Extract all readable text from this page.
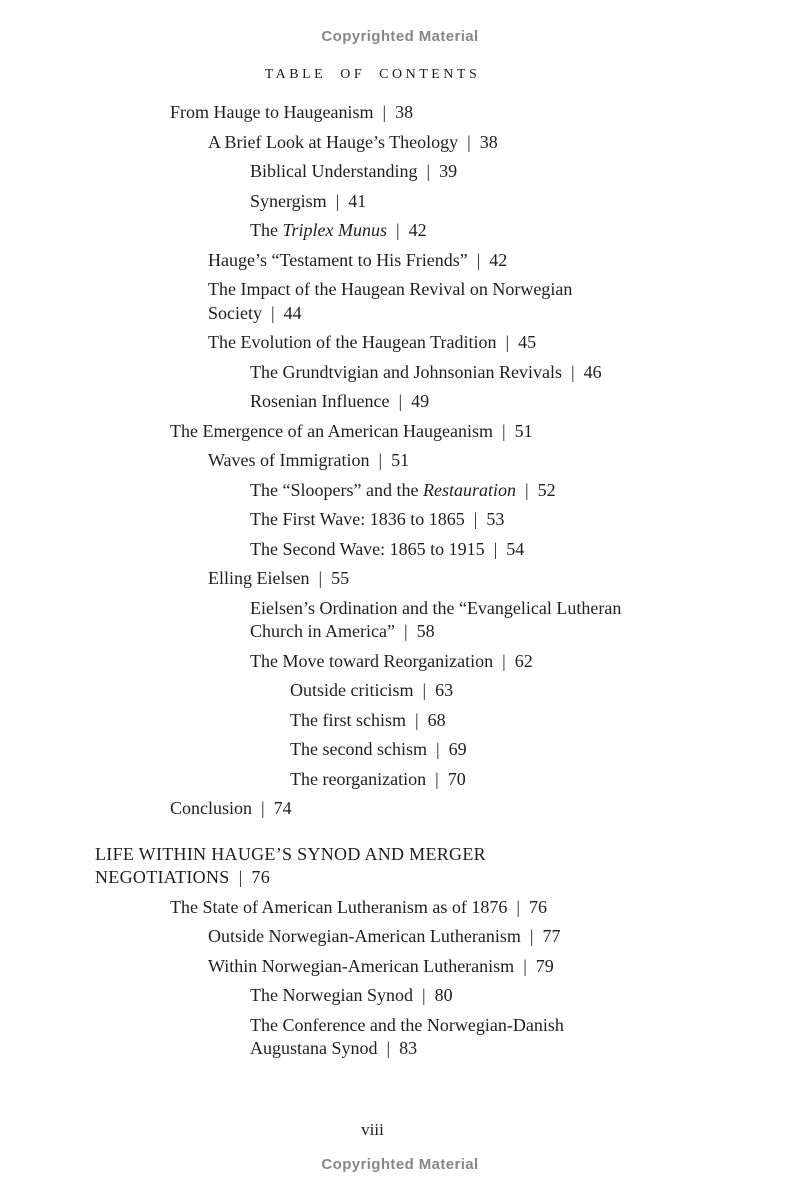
Copyrighted Material
TABLE OF CONTENTS
From Hauge to Haugeanism | 38
A Brief Look at Hauge’s Theology | 38
Biblical Understanding | 39
Synergism | 41
The Triplex Munus | 42
Hauge’s “Testament to His Friends” | 42
The Impact of the Haugean Revival on Norwegian
Society | 44
The Evolution of the Haugean Tradition | 45
The Grundtvigian and Johnsonian Revivals | 46
Rosenian Influence | 49
The Emergence of an American Haugeanism | 51
Waves of Immigration | 51
The “Sloopers” and the Restauration | 52
The First Wave: 1836 to 1865 | 53
The Second Wave: 1865 to 1915 | 54
Elling Eielsen | 55
Eielsen’s Ordination and the “Evangelical Lutheran
Church in America” | 58
The Move toward Reorganization | 62
Outside criticism | 63
The first schism | 68
The second schism | 69
The reorganization | 70
Conclusion | 74
LIFE WITHIN HAUGE’S SYNOD AND MERGER
NEGOTIATIONS | 76
The State of American Lutheranism as of 1876 | 76
Outside Norwegian-American Lutheranism | 77
Within Norwegian-American Lutheranism | 79
The Norwegian Synod | 80
The Conference and the Norwegian-Danish
Augustana Synod | 83
viii
Copyrighted Material
